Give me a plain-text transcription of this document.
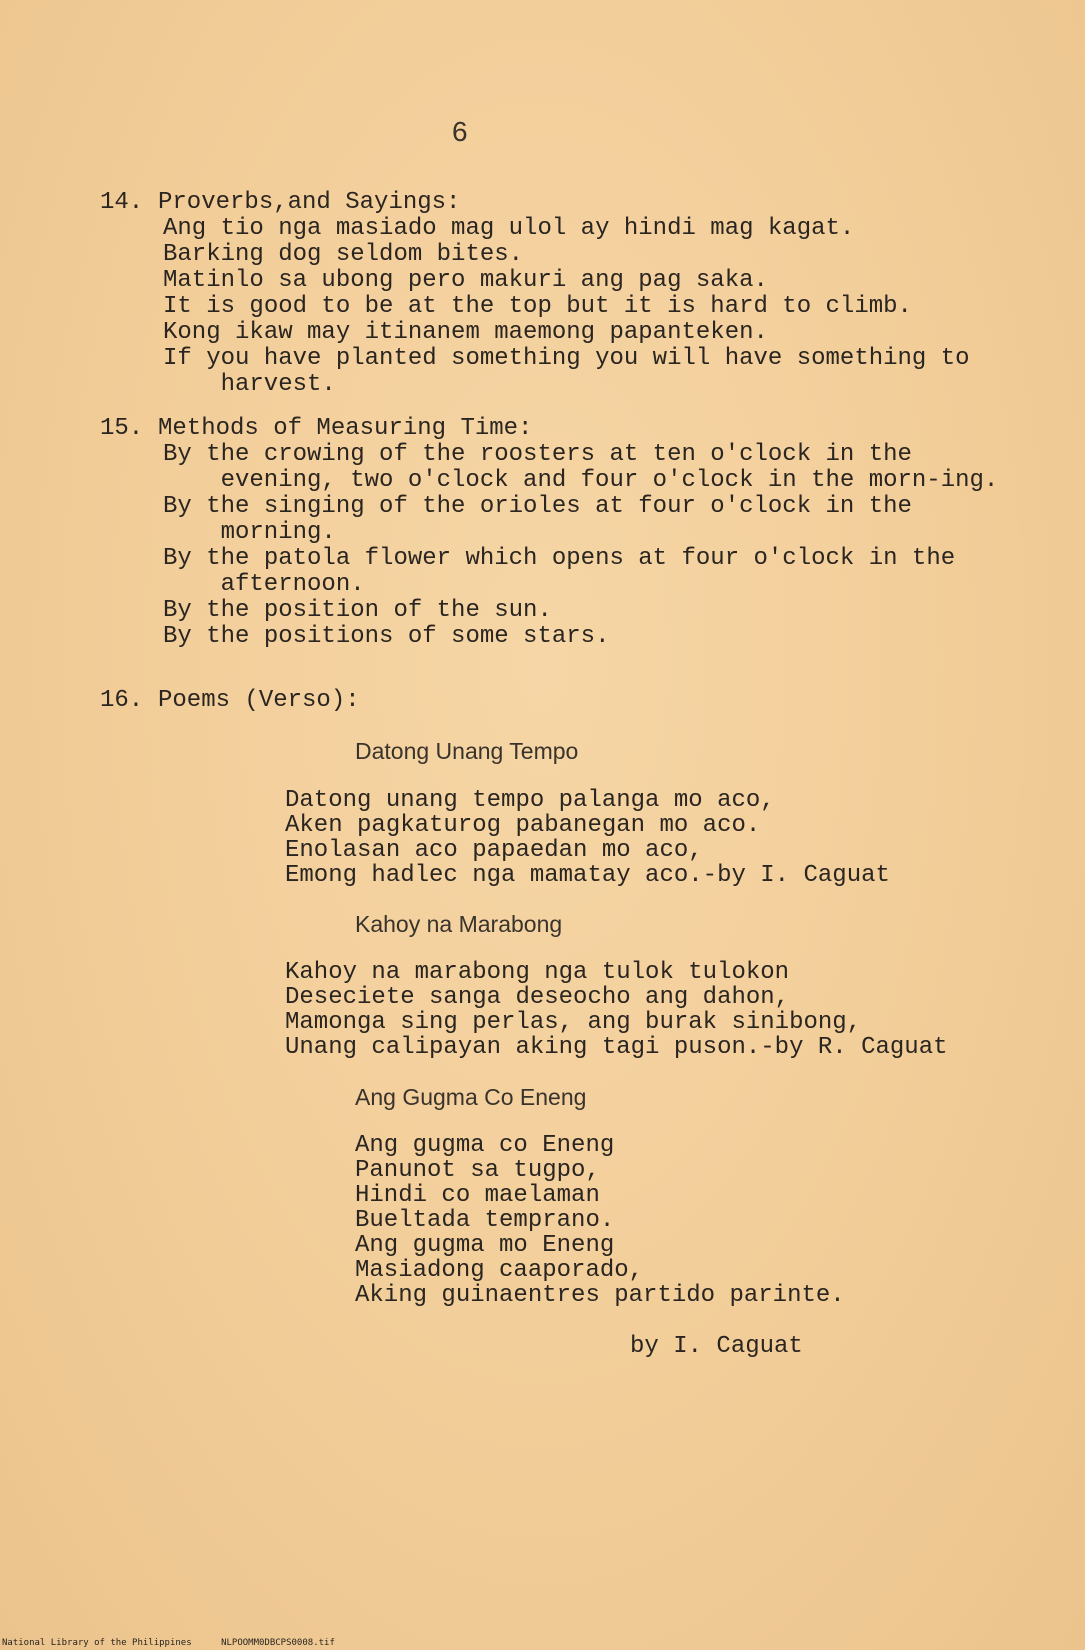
6
14. Proverbs,and Sayings:
Ang tio nga masiado mag ulol ay hindi mag kagat.
Barking dog seldom bites.
Matinlo sa ubong pero makuri ang pag saka.
It is good to be at the top but it is hard to climb.
Kong ikaw may itinanem maemong papanteken.
If you have planted something you will have something to harvest.
15. Methods of Measuring Time:
By the crowing of the roosters at ten o'clock in the evening, two o'clock and four o'clock in the morn-ing.
By the singing of the orioles at four o'clock in the morning.
By the patola flower which opens at four o'clock in the afternoon.
By the position of the sun.
By the positions of some stars.
16. Poems (Verso):
Datong Unang Tempo
Datong unang tempo palanga mo aco,
Aken pagkaturog pabanegan mo aco.
Enolasan aco papaedan mo aco,
Emong hadlec nga mamatay aco.-by I. Caguat
Kahoy na Marabong
Kahoy na marabong nga tulok tulokon
Deseciete sanga deseocho ang dahon,
Mamonga sing perlas, ang burak sinibong,
Unang calipayan aking tagi puson.-by R. Caguat
Ang Gugma Co Eneng
Ang gugma co Eneng
Panunot sa tugpo,
Hindi co maelaman
Bueltada temprano.
Ang gugma mo Eneng
Masiadong caaporado,
Aking guinaentres partido parinte.
by I. Caguat
National Library of the Philippines	NLPOOMM0DBCPS0008.tif
